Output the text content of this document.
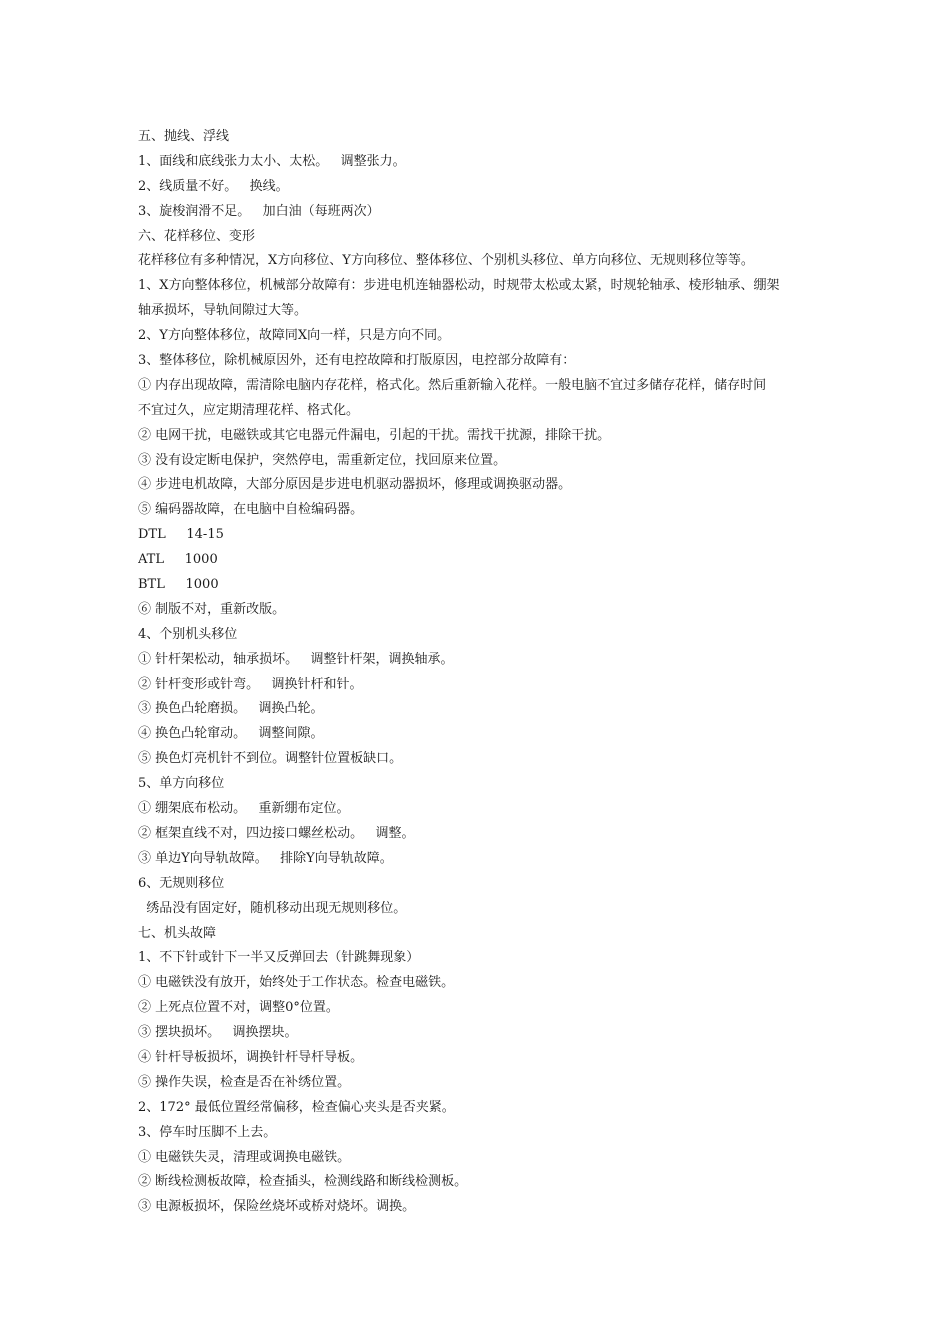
五、抛线、浮线
1、面线和底线张力太小、太松。   调整张力。
2、线质量不好。   换线。
3、旋梭润滑不足。   加白油（每班两次）
六、花样移位、变形
花样移位有多种情况，X方向移位、Y方向移位、整体移位、个别机头移位、单方向移位、无规则移位等等。
1、X方向整体移位，机械部分故障有：步进电机连轴器松动，时规带太松或太紧，时规轮轴承、棱形轴承、绷架
轴承损坏，导轨间隙过大等。
2、Y方向整体移位，故障同X向一样，只是方向不同。
3、整体移位，除机械原因外，还有电控故障和打版原因，电控部分故障有：
① 内存出现故障，需清除电脑内存花样，格式化。然后重新输入花样。一般电脑不宜过多储存花样，储存时间
不宜过久，应定期清理花样、格式化。
② 电网干扰，电磁铁或其它电器元件漏电，引起的干扰。需找干扰源，排除干扰。
③ 没有设定断电保护，突然停电，需重新定位，找回原来位置。
④ 步进电机故障，大部分原因是步进电机驱动器损坏，修理或调换驱动器。
⑤ 编码器故障，在电脑中自检编码器。
DTL     14-15
ATL     1000
BTL     1000
⑥ 制版不对，重新改版。
4、个别机头移位
① 针杆架松动，轴承损坏。   调整针杆架，调换轴承。
② 针杆变形或针弯。   调换针杆和针。
③ 换色凸轮磨损。   调换凸轮。
④ 换色凸轮窜动。   调整间隙。
⑤ 换色灯亮机针不到位。调整针位置板缺口。
5、单方向移位
① 绷架底布松动。   重新绷布定位。
② 框架直线不对，四边接口螺丝松动。   调整。
③ 单边Y向导轨故障。   排除Y向导轨故障。
6、无规则移位
绣品没有固定好，随机移动出现无规则移位。
七、机头故障
1、不下针或针下一半又反弹回去（针跳舞现象）
① 电磁铁没有放开，始终处于工作状态。检查电磁铁。
② 上死点位置不对，调整0°位置。
③ 摆块损坏。   调换摆块。
④ 针杆导板损坏，调换针杆导杆导板。
⑤ 操作失误，检查是否在补绣位置。
2、172° 最低位置经常偏移，检查偏心夹头是否夹紧。
3、停车时压脚不上去。
① 电磁铁失灵，清理或调换电磁铁。
② 断线检测板故障，检查插头，检测线路和断线检测板。
③ 电源板损坏，保险丝烧坏或桥对烧坏。调换。
